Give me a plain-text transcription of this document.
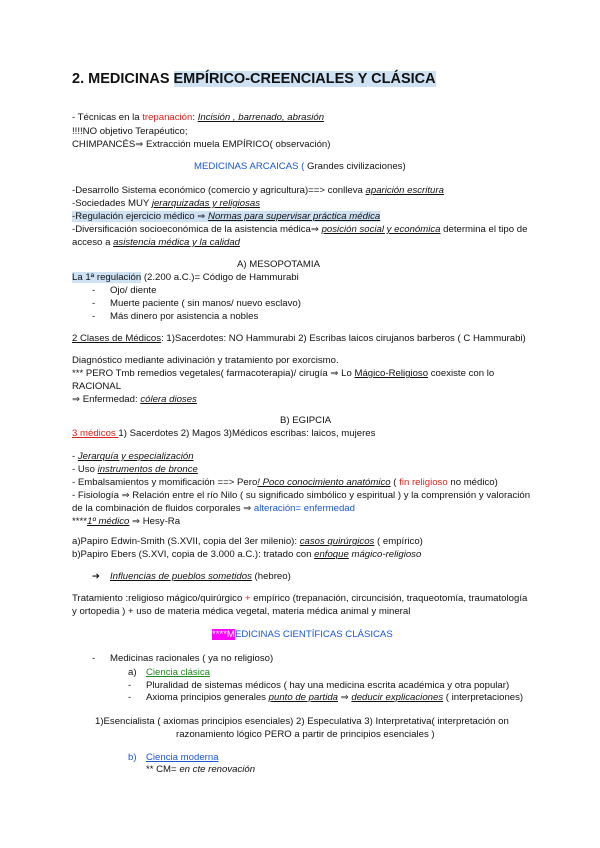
2. MEDICINAS EMPÍRICO-CREENCIALES Y CLÁSICA
- Técnicas en la trepanación: Incisión , barrenado, abrasión
!!!!NO objetivo Terapéutico;
CHIMPANCÉS⇒ Extracción muela EMPÍRICO( observación)
MEDICINAS ARCAICAS ( Grandes civilizaciones)
-Desarrollo Sistema económico (comercio y agricultura)==> conlleva aparición escritura
-Sociedades MUY jerarquizadas y religiosas
-Regulación ejercicio médico ⇒ Normas para supervisar práctica médica
-Diversificación socioeconómica de la asistencia médica⇒ posición social y económica determina el tipo de
acceso a asistencia médica y la calidad
A) MESOPOTAMIA
La 1ª regulación (2.200 a.C.)= Código de Hammurabi
- Ojo/ diente
- Muerte paciente ( sin manos/ nuevo esclavo)
- Más dinero por asistencia a nobles
2 Clases de Médicos: 1)Sacerdotes: NO Hammurabi 2) Escribas laicos cirujanos barberos ( C Hammurabi)
Diagnóstico mediante adivinación y tratamiento por exorcismo.
*** PERO Tmb remedios vegetales( farmacoterapia)/ cirugía ⇒ Lo Mágico-Religioso coexiste con lo
RACIONAL
⇒ Enfermedad: cólera dioses
B) EGIPCIA
3 médicos 1) Sacerdotes 2) Magos 3)Médicos escribas: laicos, mujeres
- Jerarquía y especialización
- Uso instrumentos de bronce
- Embalsamientos y momificación ==> Pero! Poco conocimiento anatómico ( fin religioso no médico)
- Fisiología ⇒ Relación entre el río Nilo ( su significado simbólico y espiritual ) y la comprensión y valoración
de la combinación de fluidos corporales ⇒ alteración= enfermedad
****1º médico ⇒ Hesy-Ra
a)Papiro Edwin-Smith (S.XVII, copia del 3er milenio): casos quirúrgicos ( empírico)
b)Papiro Ebers (S.XVI, copia de 3.000 a.C.): tratado con enfoque mágico-religioso
➔ Influencias de pueblos sometidos (hebreo)
Tratamiento :religioso mágico/quirúrgico + empírico (trepanación, circuncisión, traqueotomía, traumatología
y ortopedia ) + uso de materia médica vegetal, materia médica animal y mineral
****MEDICINAS CIENTÍFICAS CLÁSICAS
- Medicinas racionales ( ya no religioso)
a) Ciencia clásica
- Pluralidad de sistemas médicos ( hay una medicina escrita académica y otra popular)
- Axioma principios generales punto de partida ⇒ deducir explicaciones ( interpretaciones)
1)Esencialista ( axiomas principios esenciales) 2) Especulativa 3) Interpretativa( interpretación on
razonamiento lógico PERO a partir de principios esenciales )
b) Ciencia moderna
** CM= en cte renovación
